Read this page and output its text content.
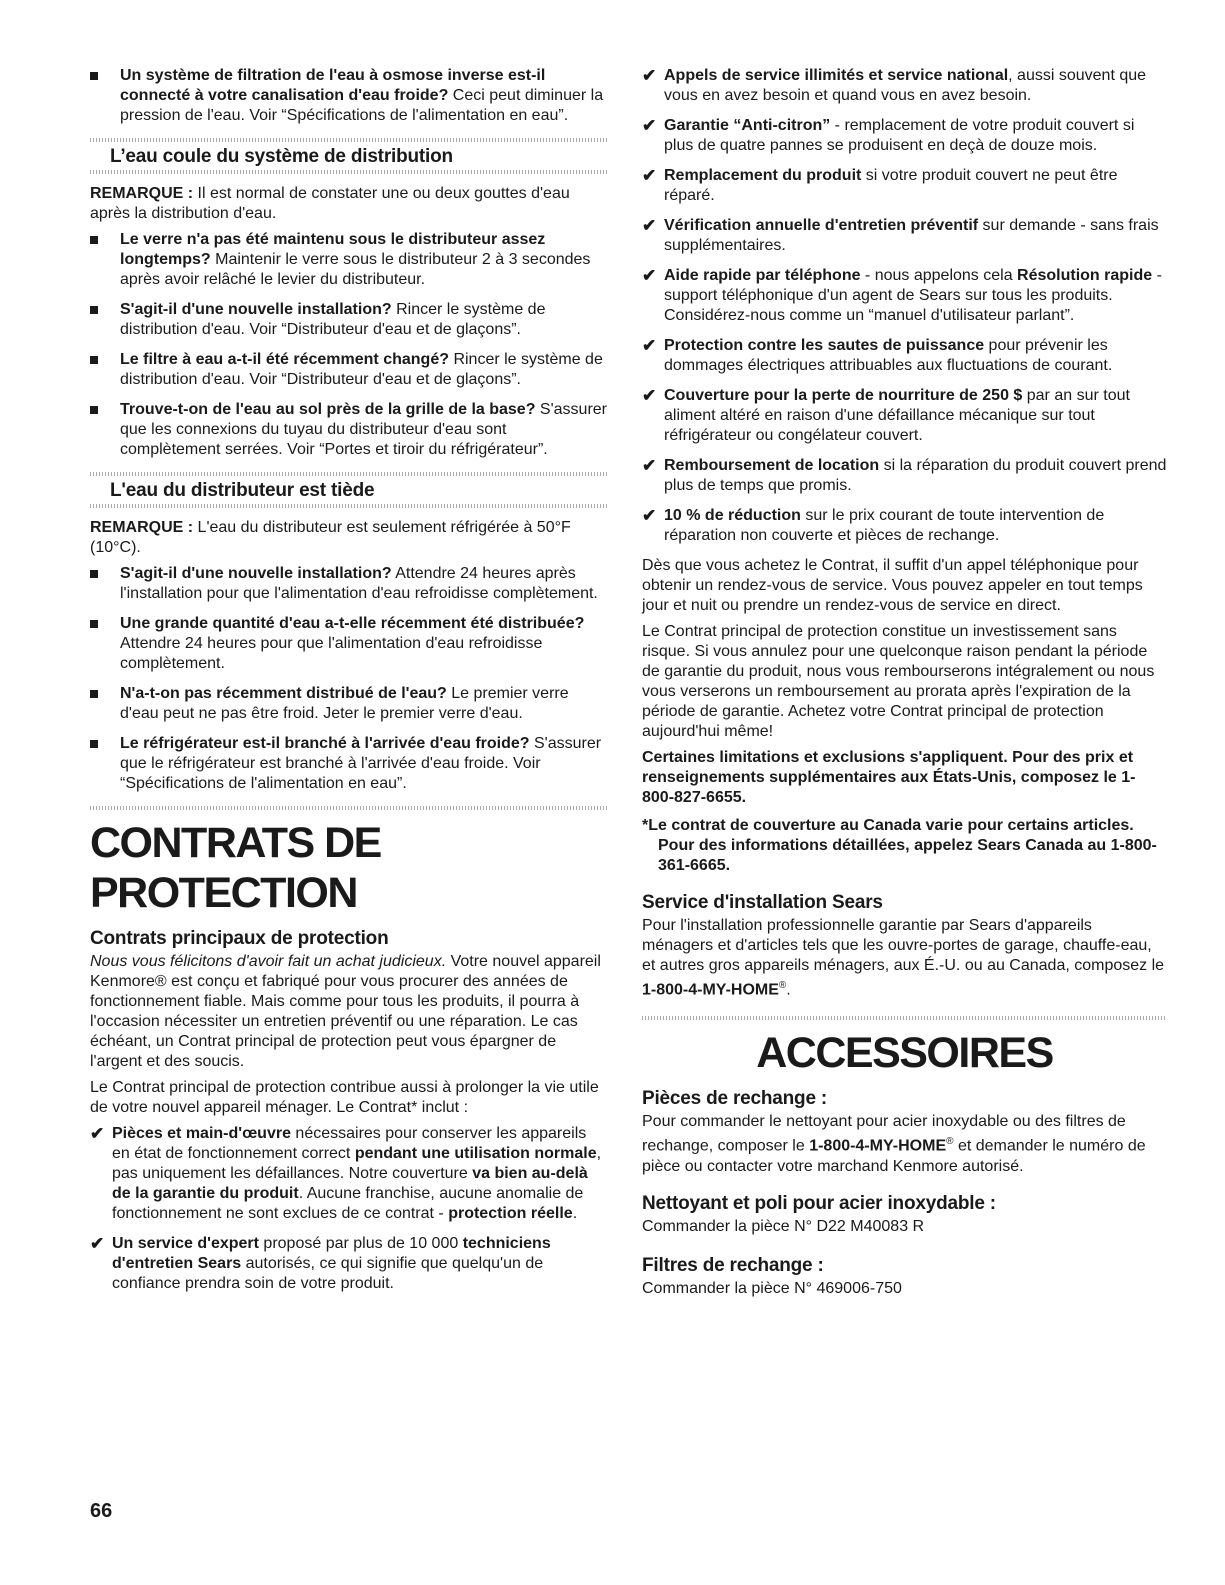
Un système de filtration de l'eau à osmose inverse est-il connecté à votre canalisation d'eau froide? Ceci peut diminuer la pression de l'eau. Voir “Spécifications de l'alimentation en eau”.
L’eau coule du système de distribution

REMARQUE : Il est normal de constater une ou deux gouttes d'eau après la distribution d'eau.

Le verre n'a pas été maintenu sous le distributeur assez longtemps? Maintenir le verre sous le distributeur 2 à 3 secondes après avoir relâché le levier du distributeur.
S'agit-il d'une nouvelle installation? Rincer le système de distribution d'eau. Voir “Distributeur d'eau et de glaçons”.
Le filtre à eau a-t-il été récemment changé? Rincer le système de distribution d'eau. Voir “Distributeur d'eau et de glaçons”.
Trouve-t-on de l'eau au sol près de la grille de la base? S'assurer que les connexions du tuyau du distributeur d'eau sont complètement serrées. Voir “Portes et tiroir du réfrigérateur”.
L'eau du distributeur est tiède

REMARQUE : L'eau du distributeur est seulement réfrigérée à 50°F (10°C).

S'agit-il d'une nouvelle installation? Attendre 24 heures après l'installation pour que l'alimentation d'eau refroidisse complètement.
Une grande quantité d'eau a-t-elle récemment été distribuée? Attendre 24 heures pour que l'alimentation d'eau refroidisse complètement.
N'a-t-on pas récemment distribué de l'eau? Le premier verre d'eau peut ne pas être froid. Jeter le premier verre d'eau.
Le réfrigérateur est-il branché à l'arrivée d'eau froide? S'assurer que le réfrigérateur est branché à l'arrivée d'eau froide. Voir “Spécifications de l'alimentation en eau”.
CONTRATS DE PROTECTION
Contrats principaux de protection

Nous vous félicitons d'avoir fait un achat judicieux. Votre nouvel appareil Kenmore® est conçu et fabriqué pour vous procurer des années de fonctionnement fiable. Mais comme pour tous les produits, il pourra à l'occasion nécessiter un entretien préventif ou une réparation. Le cas échéant, un Contrat principal de protection peut vous épargner de l'argent et des soucis.

Le Contrat principal de protection contribue aussi à prolonger la vie utile de votre nouvel appareil ménager. Le Contrat* inclut :

✔ Pièces et main-d'œuvre nécessaires pour conserver les appareils en état de fonctionnement correct pendant une utilisation normale, pas uniquement les défaillances. Notre couverture va bien au-delà de la garantie du produit. Aucune franchise, aucune anomalie de fonctionnement ne sont exclues de ce contrat - protection réelle.
✔ Un service d'expert proposé par plus de 10 000 techniciens d'entretien Sears autorisés, ce qui signifie que quelqu'un de confiance prendra soin de votre produit.
✔ Appels de service illimités et service national, aussi souvent que vous en avez besoin et quand vous en avez besoin.
✔ Garantie “Anti-citron” - remplacement de votre produit couvert si plus de quatre pannes se produisent en deçà de douze mois.
✔ Remplacement du produit si votre produit couvert ne peut être réparé.
✔ Vérification annuelle d'entretien préventif sur demande - sans frais supplémentaires.
✔ Aide rapide par téléphone - nous appelons cela Résolution rapide - support téléphonique d'un agent de Sears sur tous les produits. Considérez-nous comme un “manuel d'utilisateur parlant”.
✔ Protection contre les sautes de puissance pour prévenir les dommages électriques attribuables aux fluctuations de courant.
✔ Couverture pour la perte de nourriture de 250 $ par an sur tout aliment altéré en raison d'une défaillance mécanique sur tout réfrigérateur ou congélateur couvert.
✔ Remboursement de location si la réparation du produit couvert prend plus de temps que promis.
✔ 10 % de réduction sur le prix courant de toute intervention de réparation non couverte et pièces de rechange.

Dès que vous achetez le Contrat, il suffit d'un appel téléphonique pour obtenir un rendez-vous de service. Vous pouvez appeler en tout temps jour et nuit ou prendre un rendez-vous de service en direct.

Le Contrat principal de protection constitue un investissement sans risque. Si vous annulez pour une quelconque raison pendant la période de garantie du produit, nous vous rembourserons intégralement ou nous vous verserons un remboursement au prorata après l'expiration de la période de garantie. Achetez votre Contrat principal de protection aujourd'hui même!

Certaines limitations et exclusions s'appliquent. Pour des prix et renseignements supplémentaires aux États-Unis, composez le 1-800-827-6655.

*Le contrat de couverture au Canada varie pour certains articles. Pour des informations détaillées, appelez Sears Canada au 1-800-361-6665.

Service d'installation Sears

Pour l'installation professionnelle garantie par Sears d'appareils ménagers et d'articles tels que les ouvre-portes de garage, chauffe-eau, et autres gros appareils ménagers, aux É.-U. ou au Canada, composez le 1-800-4-MY-HOME®.

ACCESSOIRES
Pièces de rechange :

Pour commander le nettoyant pour acier inoxydable ou des filtres de rechange, composer le 1-800-4-MY-HOME® et demander le numéro de pièce ou contacter votre marchand Kenmore autorisé.

Nettoyant et poli pour acier inoxydable :

Commander la pièce N° D22 M40083 R

Filtres de rechange :

Commander la pièce N° 469006-750

66
